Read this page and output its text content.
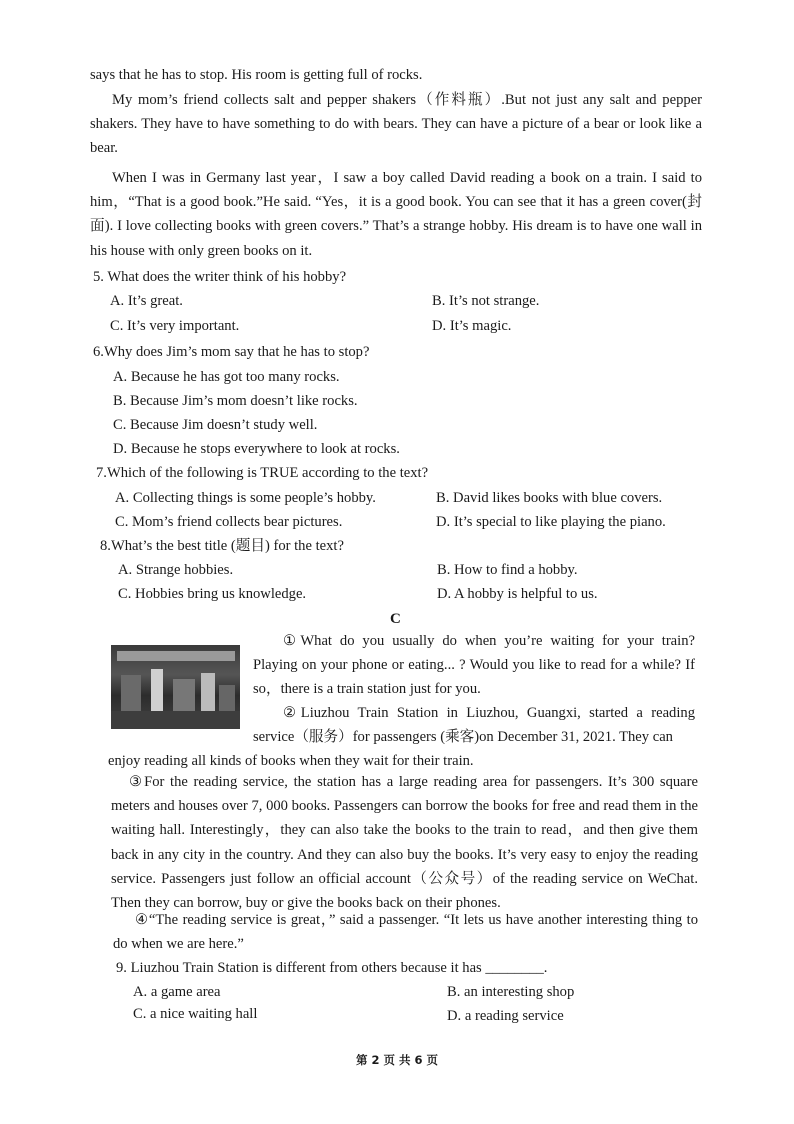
says that he has to stop. His room is getting full of rocks.

My mom’s friend collects salt and pepper shakers（作料瓶）.But not just any salt and pepper shakers. They have to have something to do with bears. They can have a picture of a bear or look like a bear.

When I was in Germany last year，I saw a boy called David reading a book on a train. I said to him，“That is a good book.”He said. “Yes，it is a good book. You can see that it has a green cover(封面). I love collecting books with green covers.” That’s a strange hobby. His dream is to have one wall in his house with only green books on it.

5. What does the writer think of his hobby?

A. It’s great.	B. It’s not strange.

C. It’s very important.	D. It’s magic.

6.Why does Jim’s mom say that he has to stop?

A. Because he has got too many rocks.

B. Because Jim’s mom doesn’t like rocks.

C. Because Jim doesn’t study well.

D. Because he stops everywhere to look at rocks.

7.Which of the following is TRUE according to the text?

A. Collecting things is some people’s hobby.	B. David likes books with blue covers.

C. Mom’s friend collects bear pictures.	D. It’s special to like playing the piano.

8.What’s the best title (题目) for the text?

A. Strange hobbies.	B. How to find a hobby.

C. Hobbies bring us knowledge.	D. A hobby is helpful to us.

C

①What do you usually do when you’re waiting for your train? Playing on your phone or eating... ? Would you like to read for a while? If so，there is a train station just for you.

②Liuzhou Train Station in Liuzhou, Guangxi, started a reading service（服务）for passengers (乘客)on December 31, 2021. They can

enjoy reading all kinds of books when they wait for their train.

③For the reading service, the station has a large reading area for passengers. It’s 300 square meters and houses over 7, 000 books. Passengers can borrow the books for free and read them in the waiting hall. Interestingly，they can also take the books to the train to read，and then give them back in any city in the country. And they can also buy the books. It’s very easy to enjoy the reading service. Passengers just follow an official account（公众号）of the reading service on WeChat. Then they can borrow, buy or give the books back on their phones.

④“The reading service is great，” said a passenger. “It lets us have another interesting thing to do when we are here.”

9. Liuzhou Train Station is different from others because it has ________.

A. a game area	B. an interesting shop

C. a nice waiting hall	D. a reading service

第 2 页 共 6 页
